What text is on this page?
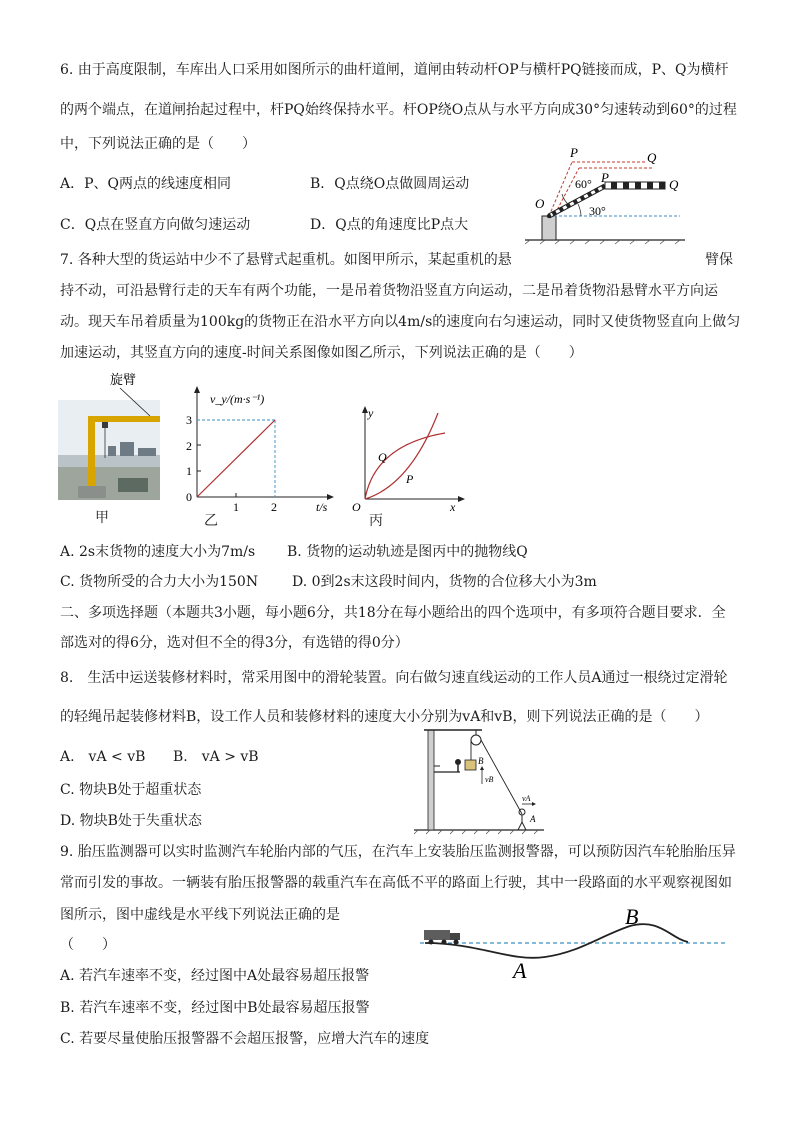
6. 由于高度限制，车库出人口采用如图所示的曲杆道闸，道闸由转动杆OP与横杆PQ链接而成，P、Q为横杆
的两个端点，在道闸抬起过程中，杆PQ始终保持水平。杆OP绕O点从与水平方向成30°匀速转动到60°的过程
中，下列说法正确的是（　　）
A．P、Q两点的线速度相同	B．Q点绕O点做圆周运动
C．Q点在竖直方向做匀速运动	D．Q点的角速度比P点大
P	Q
P	Q
O
60°
30°
7. 各种大型的货运站中少不了悬臂式起重机。如图甲所示，某起重机的悬	臂保
持不动，可沿悬臂行走的天车有两个功能，一是吊着货物沿竖直方向运动，二是吊着货物沿悬臂水平方向运
动。现天车吊着质量为100kg的货物正在沿水平方向以4m/s的速度向右匀速运动，同时又使货物竖直向上做匀
加速运动，其竖直方向的速度-时间关系图像如图乙所示，下列说法正确的是（　　）
旋臂
甲
v_y/(m·s⁻¹)
3
2
1
0
1	2	t/s
乙
y
x
O
Q
P
丙
A. 2s末货物的速度大小为7m/s B. 货物的运动轨迹是图丙中的抛物线Q
C. 货物所受的合力大小为150N D. 0到2s末这段时间内，货物的合位移大小为3m
二、多项选择题（本题共3小题，每小题6分，共18分在每小题给出的四个选项中，有多项符合题目要求．全
部选对的得6分，选对但不全的得3分，有选错的得0分）
8.　生活中运送装修材料时，常采用图中的滑轮装置。向右做匀速直线运动的工作人员A通过一根绕过定滑轮
的轻绳吊起装修材料B，设工作人员和装修材料的速度大小分别为vA和vB，则下列说法正确的是（　　）
A.　vA < vB B.　vA > vB
C. 物块B处于超重状态
D. 物块B处于失重状态
B
vB
vA
A
9. 胎压监测器可以实时监测汽车轮胎内部的气压，在汽车上安装胎压监测报警器，可以预防因汽车轮胎胎压异
常而引发的事故。一辆装有胎压报警器的载重汽车在高低不平的路面上行驶，其中一段路面的水平观察视图如
图所示，图中虚线是水平线下列说法正确的是
（　　）
A. 若汽车速率不变，经过图中A处最容易超压报警
B. 若汽车速率不变，经过图中B处最容易超压报警
C. 若要尽量使胎压报警器不会超压报警，应增大汽车的速度
B
A
